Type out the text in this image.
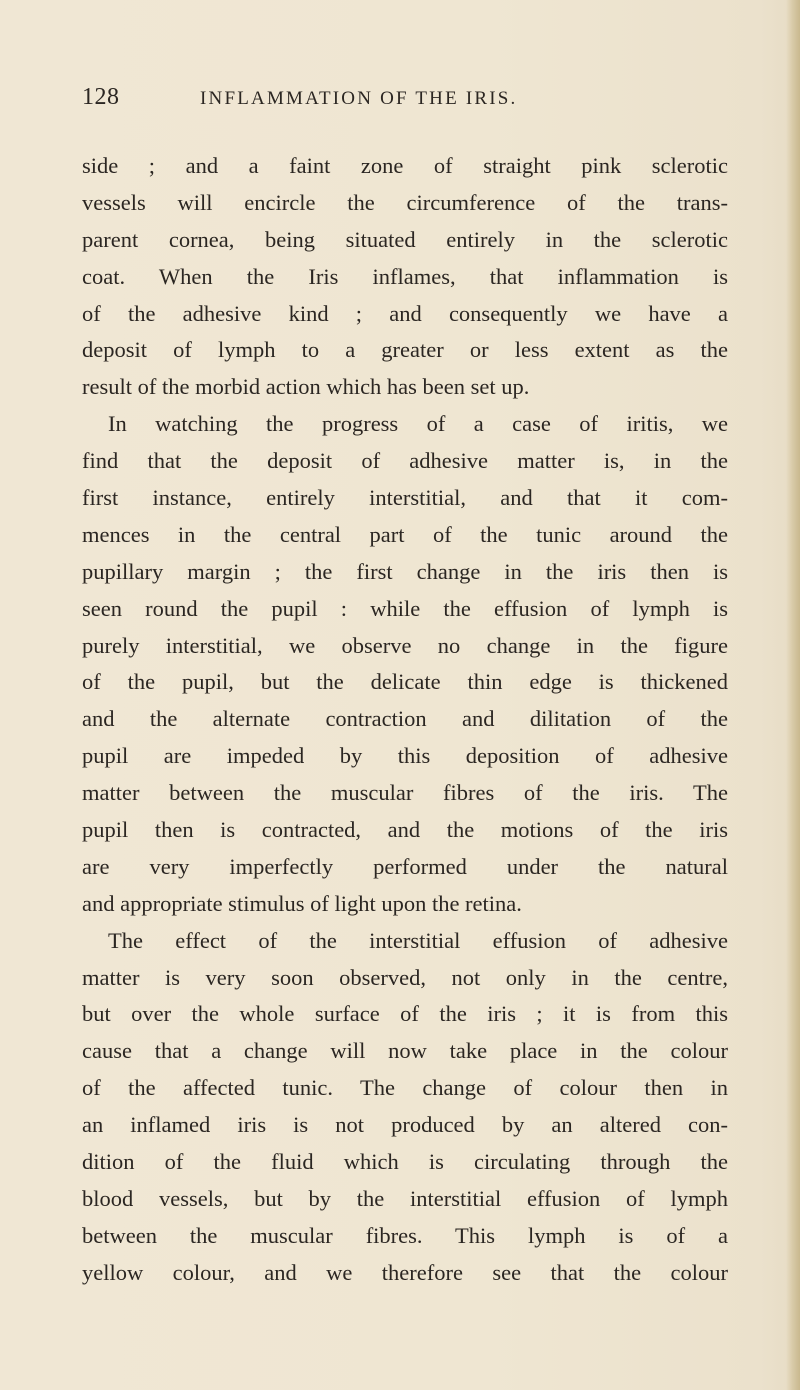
128	INFLAMMATION OF THE IRIS.
side ; and a faint zone of straight pink sclerotic
vessels will encircle the circumference of the trans-
parent cornea, being situated entirely in the sclerotic
coat. When the Iris inflames, that inflammation is
of the adhesive kind ; and consequently we have a
deposit of lymph to a greater or less extent as the
result of the morbid action which has been set up.
In watching the progress of a case of iritis, we
find that the deposit of adhesive matter is, in the
first instance, entirely interstitial, and that it com-
mences in the central part of the tunic around the
pupillary margin ; the first change in the iris then is
seen round the pupil : while the effusion of lymph is
purely interstitial, we observe no change in the figure
of the pupil, but the delicate thin edge is thickened
and the alternate contraction and dilitation of the
pupil are impeded by this deposition of adhesive
matter between the muscular fibres of the iris. The
pupil then is contracted, and the motions of the iris
are very imperfectly performed under the natural
and appropriate stimulus of light upon the retina.
The effect of the interstitial effusion of adhesive
matter is very soon observed, not only in the centre,
but over the whole surface of the iris ; it is from this
cause that a change will now take place in the colour
of the affected tunic. The change of colour then in
an inflamed iris is not produced by an altered con-
dition of the fluid which is circulating through the
blood vessels, but by the interstitial effusion of lymph
between the muscular fibres. This lymph is of a
yellow colour, and we therefore see that the colour
